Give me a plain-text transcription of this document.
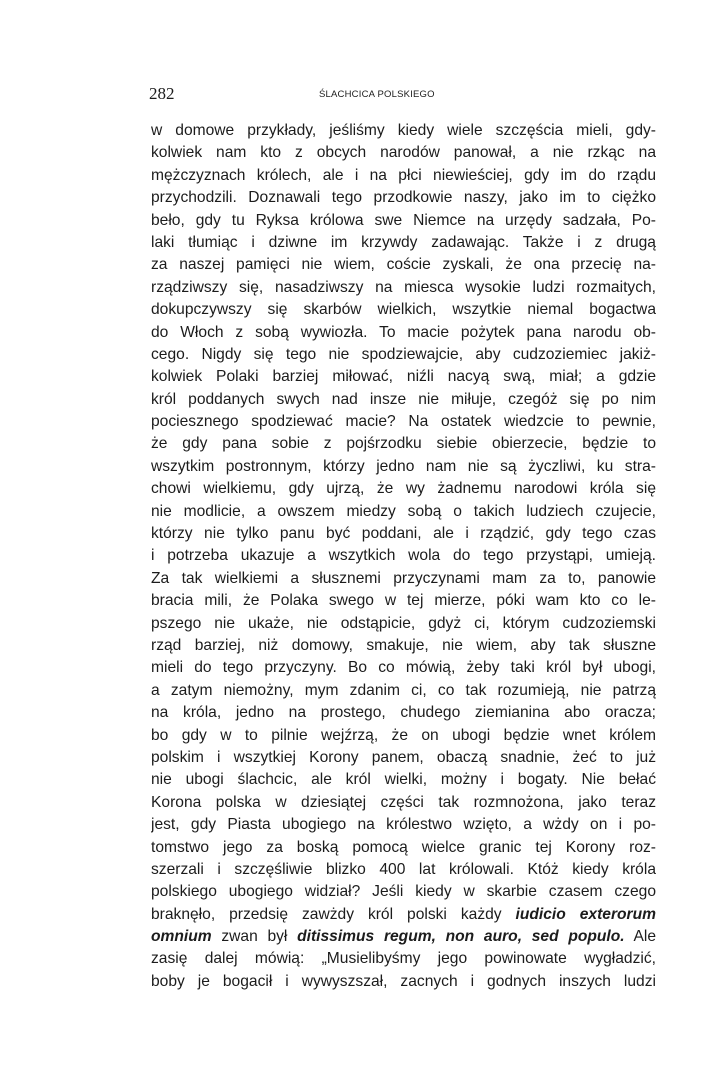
282	ŚLACHCICA POLSKIEGO
w domowe przykłady, jeśliśmy kiedy wiele szczęścia mieli, gdy-
kolwiek nam kto z obcych narodów panował, a nie rzkąc na
mężczyznach królech, ale i na płci niewieściej, gdy im do rządu
przychodzili. Doznawali tego przodkowie naszy, jako im to ciężko
beło, gdy tu Ryksa królowa swe Niemce na urzędy sadzała, Po-
laki tłumiąc i dziwne im krzywdy zadawając. Także i z drugą
za naszej pamięci nie wiem, coście zyskali, że ona przecię na-
rządziwszy się, nasadziwszy na miesca wysokie ludzi rozmaitych,
dokupczywszy się skarbów wielkich, wszytkie niemal bogactwa
do Włoch z sobą wywiozła. To macie pożytek pana narodu ob-
cego. Nigdy się tego nie spodziewajcie, aby cudzoziemiec jakiż-
kolwiek Polaki barziej miłować, niźli nacyą swą, miał; a gdzie
król poddanych swych nad insze nie miłuje, czegóż się po nim
pociesznego spodziewać macie? Na ostatek wiedzcie to pewnie,
że gdy pana sobie z pojśrzodku siebie obierzecie, będzie to
wszytkim postronnym, którzy jedno nam nie są życzliwi, ku stra-
chowi wielkiemu, gdy ujrzą, że wy żadnemu narodowi króla się
nie modlicie, a owszem miedzy sobą o takich ludziech czujecie,
którzy nie tylko panu być poddani, ale i rządzić, gdy tego czas
i potrzeba ukazuje a wszytkich wola do tego przystąpi, umieją.
Za tak wielkiemi a słusznemi przyczynami mam za to, panowie
bracia mili, że Polaka swego w tej mierze, póki wam kto co le-
pszego nie ukaże, nie odstąpicie, gdyż ci, którym cudzoziemski
rząd barziej, niż domowy, smakuje, nie wiem, aby tak słuszne
mieli do tego przyczyny. Bo co mówią, żeby taki król był ubogi,
a zatym niemożny, mym zdanim ci, co tak rozumieją, nie patrzą
na króla, jedno na prostego, chudego ziemianina abo oracza;
bo gdy w to pilnie wejźrzą, że on ubogi będzie wnet królem
polskim i wszytkiej Korony panem, obaczą snadnie, żeć to już
nie ubogi ślachcic, ale król wielki, możny i bogaty. Nie bełać
Korona polska w dziesiątej części tak rozmnożona, jako teraz
jest, gdy Piasta ubogiego na królestwo wzięto, a wżdy on i po-
tomstwo jego za boską pomocą wielce granic tej Korony roz-
szerzali i szczęśliwie blizko 400 lat królowali. Któż kiedy króla
polskiego ubogiego widział? Jeśli kiedy w skarbie czasem czego
braknęło, przedsię zawżdy król polski każdy iudicio exterorum
omnium zwan był ditissimus regum, non auro, sed populo. Ale
zasię dalej mówią: „Musielibyśmy jego powinowate wygładzić,
boby je bogacił i wywyszszał, zacnych i godnych inszych ludzi
